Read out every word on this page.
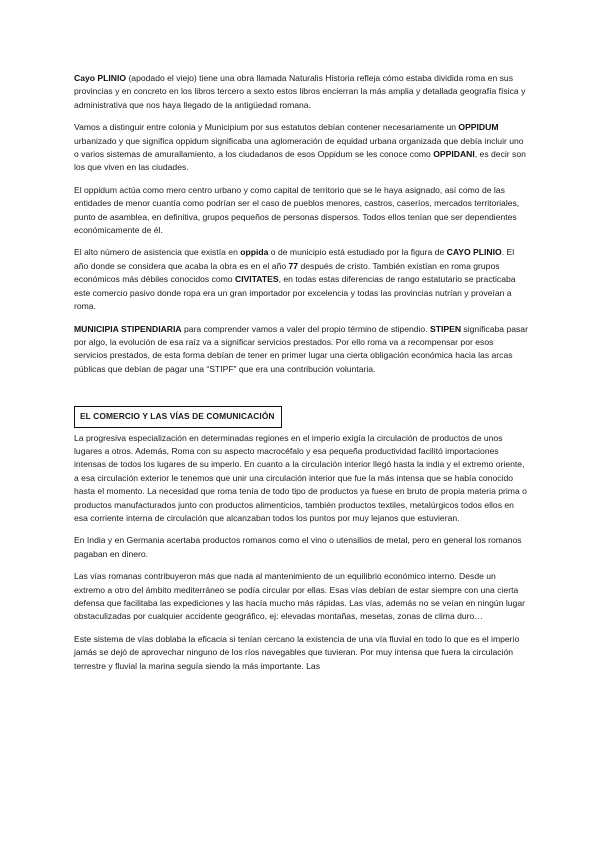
Cayo PLINIO (apodado el viejo) tiene una obra llamada Naturalis Historia refleja cómo estaba dividida roma en sus provincias y en concreto en los libros tercero a sexto estos libros encierran la más amplia y detallada geografía física y administrativa que nos haya llegado de la antigüedad romana.

Vamos a distinguir entre colonia y Municipium por sus estatutos debían contener necesariamente un OPPIDUM urbanizado y que significa oppidum significaba una aglomeración de equidad urbana organizada que debía incluir uno o varios sistemas de amurallamiento, a los ciudadanos de esos Oppidum se les conoce como OPPIDANI, es decir son los que viven en las ciudades.

El oppidum actúa como mero centro urbano y como capital de territorio que se le haya asignado, así como de las entidades de menor cuantía como podrían ser el caso de pueblos menores, castros, caseríos, mercados territoriales, punto de asamblea, en definitiva, grupos pequeños de personas dispersos. Todos ellos tenían que ser dependientes económicamente de él.

El alto número de asistencia que existía en oppida o de municipio está estudiado por la figura de CAYO PLINIO. El año donde se considera que acaba la obra es en el año 77 después de cristo. También existían en roma grupos económicos más débiles conocidos como CIVITATES, en todas estas diferencias de rango estatutario se practicaba este comercio pasivo donde ropa era un gran importador por excelencia y todas las provincias nutrían y proveían a roma.

MUNICIPIA STIPENDIARIA para comprender vamos a valer del propio término de stipendio. STIPEN significaba pasar por algo, la evolución de esa raíz va a significar servicios prestados. Por ello roma va a recompensar por esos servicios prestados, de esta forma debían de tener en primer lugar una cierta obligación económica hacia las arcas públicas que debían de pagar una “STIPF” que era una contribución voluntaria.

EL COMERCIO Y LAS VÍAS DE COMUNICACIÓN

La progresiva especialización en determinadas regiones en el imperio exigía la circulación de productos de unos lugares a otros. Además, Roma con su aspecto macrocéfalo y esa pequeña productividad facilitó importaciones intensas de todos los lugares de su imperio. En cuanto a la circulación interior llegó hasta la india y el extremo oriente, a esa circulación exterior le tenemos que unir una circulación interior que fue la más intensa que se había conocido hasta el momento. La necesidad que roma tenía de todo tipo de productos ya fuese en bruto de propia materia prima o productos manufacturados junto con productos alimenticios, también productos textiles, metalúrgicos todos ellos en esa corriente interna de circulación que alcanzaban todos los puntos por muy lejanos que estuvieran.

En India y en Germania acertaba productos romanos como el vino o utensilios de metal, pero en general los romanos pagaban en dinero.

Las vías romanas contribuyeron más que nada al mantenimiento de un equilibrio económico interno. Desde un extremo a otro del ámbito mediterráneo se podía circular por ellas. Esas vías debían de estar siempre con una cierta defensa que facilitaba las expediciones y las hacía mucho más rápidas. Las vías, además no se veían en ningún lugar obstaculizadas por cualquier accidente geográfico, ej: elevadas montañas, mesetas, zonas de clima duro…

Este sistema de vías doblaba la eficacia si tenían cercano la existencia de una vía fluvial en todo lo que es el imperio jamás se dejó de aprovechar ninguno de los ríos navegables que tuvieran. Por muy intensa que fuera la circulación terrestre y fluvial la marina seguía siendo la más importante. Las
